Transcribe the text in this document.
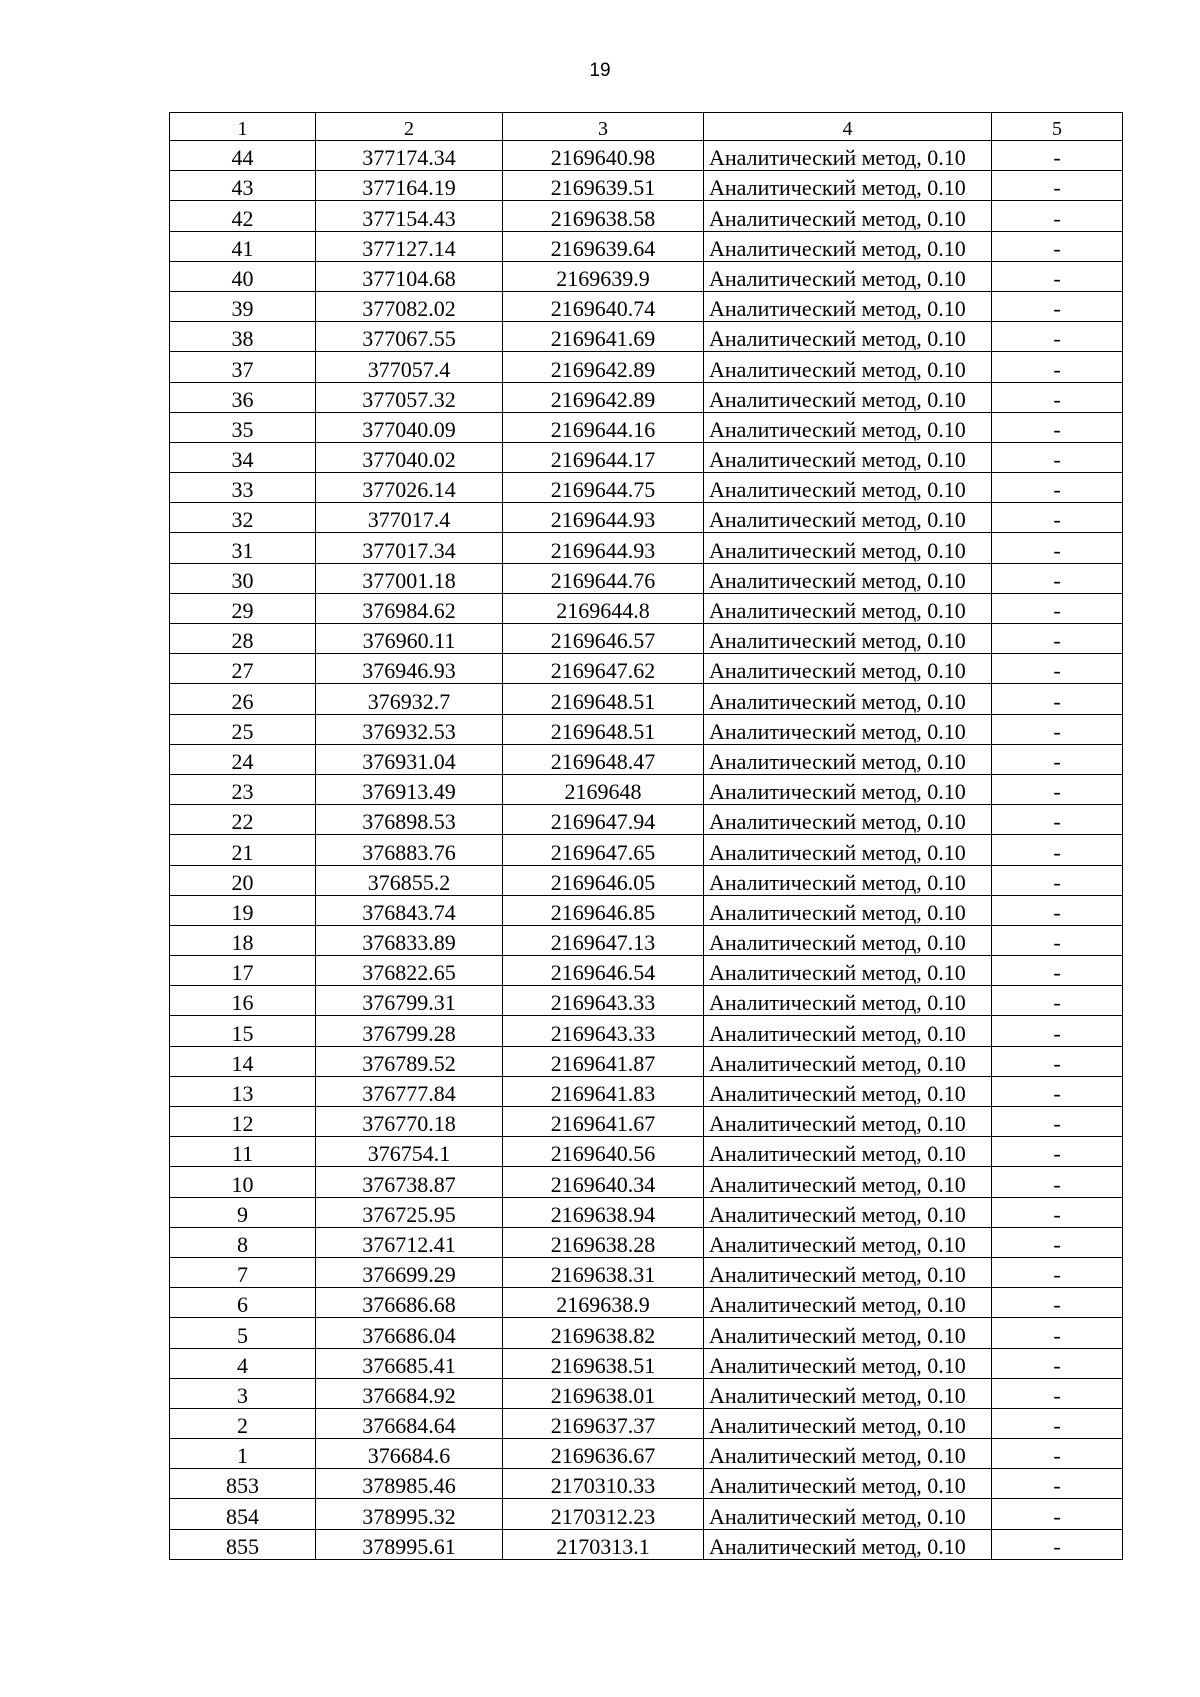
19
1	2	3	4	5
44	377174.34	2169640.98	Аналитический метод, 0.10	-
43	377164.19	2169639.51	Аналитический метод, 0.10	-
42	377154.43	2169638.58	Аналитический метод, 0.10	-
41	377127.14	2169639.64	Аналитический метод, 0.10	-
40	377104.68	2169639.9	Аналитический метод, 0.10	-
39	377082.02	2169640.74	Аналитический метод, 0.10	-
38	377067.55	2169641.69	Аналитический метод, 0.10	-
37	377057.4	2169642.89	Аналитический метод, 0.10	-
36	377057.32	2169642.89	Аналитический метод, 0.10	-
35	377040.09	2169644.16	Аналитический метод, 0.10	-
34	377040.02	2169644.17	Аналитический метод, 0.10	-
33	377026.14	2169644.75	Аналитический метод, 0.10	-
32	377017.4	2169644.93	Аналитический метод, 0.10	-
31	377017.34	2169644.93	Аналитический метод, 0.10	-
30	377001.18	2169644.76	Аналитический метод, 0.10	-
29	376984.62	2169644.8	Аналитический метод, 0.10	-
28	376960.11	2169646.57	Аналитический метод, 0.10	-
27	376946.93	2169647.62	Аналитический метод, 0.10	-
26	376932.7	2169648.51	Аналитический метод, 0.10	-
25	376932.53	2169648.51	Аналитический метод, 0.10	-
24	376931.04	2169648.47	Аналитический метод, 0.10	-
23	376913.49	2169648	Аналитический метод, 0.10	-
22	376898.53	2169647.94	Аналитический метод, 0.10	-
21	376883.76	2169647.65	Аналитический метод, 0.10	-
20	376855.2	2169646.05	Аналитический метод, 0.10	-
19	376843.74	2169646.85	Аналитический метод, 0.10	-
18	376833.89	2169647.13	Аналитический метод, 0.10	-
17	376822.65	2169646.54	Аналитический метод, 0.10	-
16	376799.31	2169643.33	Аналитический метод, 0.10	-
15	376799.28	2169643.33	Аналитический метод, 0.10	-
14	376789.52	2169641.87	Аналитический метод, 0.10	-
13	376777.84	2169641.83	Аналитический метод, 0.10	-
12	376770.18	2169641.67	Аналитический метод, 0.10	-
11	376754.1	2169640.56	Аналитический метод, 0.10	-
10	376738.87	2169640.34	Аналитический метод, 0.10	-
9	376725.95	2169638.94	Аналитический метод, 0.10	-
8	376712.41	2169638.28	Аналитический метод, 0.10	-
7	376699.29	2169638.31	Аналитический метод, 0.10	-
6	376686.68	2169638.9	Аналитический метод, 0.10	-
5	376686.04	2169638.82	Аналитический метод, 0.10	-
4	376685.41	2169638.51	Аналитический метод, 0.10	-
3	376684.92	2169638.01	Аналитический метод, 0.10	-
2	376684.64	2169637.37	Аналитический метод, 0.10	-
1	376684.6	2169636.67	Аналитический метод, 0.10	-
853	378985.46	2170310.33	Аналитический метод, 0.10	-
854	378995.32	2170312.23	Аналитический метод, 0.10	-
855	378995.61	2170313.1	Аналитический метод, 0.10	-
